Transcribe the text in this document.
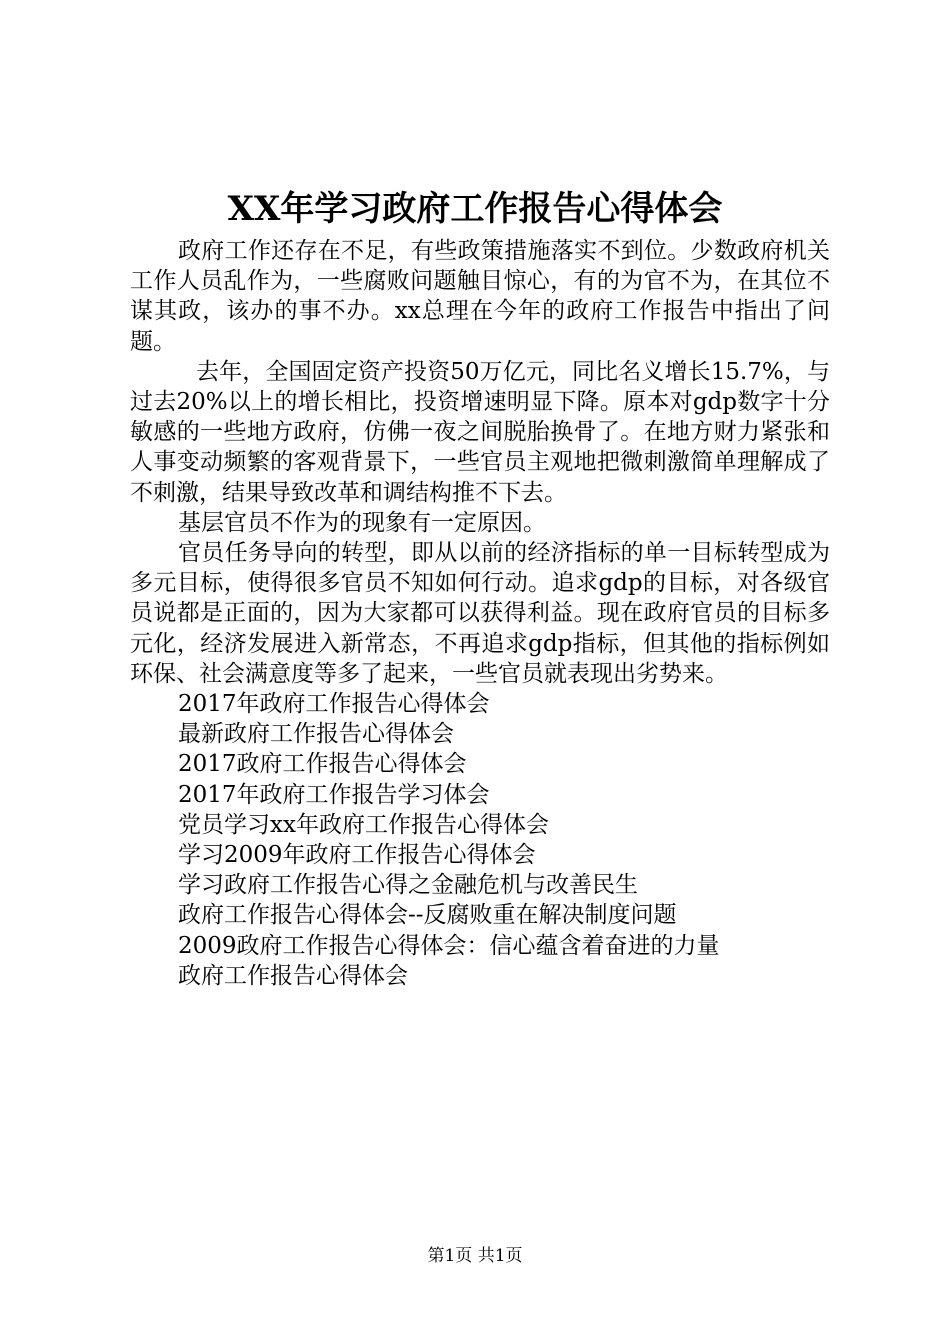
XX年学习政府工作报告心得体会

政府工作还存在不足，有些政策措施落实不到位。少数政府机关工作人员乱作为，一些腐败问题触目惊心，有的为官不为，在其位不谋其政，该办的事不办。xx总理在今年的政府工作报告中指出了问题。

去年，全国固定资产投资50万亿元，同比名义增长15.7%，与过去20%以上的增长相比，投资增速明显下降。原本对gdp数字十分敏感的一些地方政府，仿佛一夜之间脱胎换骨了。在地方财力紧张和人事变动频繁的客观背景下，一些官员主观地把微刺激简单理解成了不刺激，结果导致改革和调结构推不下去。

基层官员不作为的现象有一定原因。

官员任务导向的转型，即从以前的经济指标的单一目标转型成为多元目标，使得很多官员不知如何行动。追求gdp的目标，对各级官员说都是正面的，因为大家都可以获得利益。现在政府官员的目标多元化，经济发展进入新常态，不再追求gdp指标，但其他的指标例如环保、社会满意度等多了起来，一些官员就表现出劣势来。

2017年政府工作报告心得体会
最新政府工作报告心得体会
2017政府工作报告心得体会
2017年政府工作报告学习体会
党员学习xx年政府工作报告心得体会
学习2009年政府工作报告心得体会
学习政府工作报告心得之金融危机与改善民生
政府工作报告心得体会--反腐败重在解决制度问题
2009政府工作报告心得体会：信心蕴含着奋进的力量
政府工作报告心得体会
第1页 共1页
